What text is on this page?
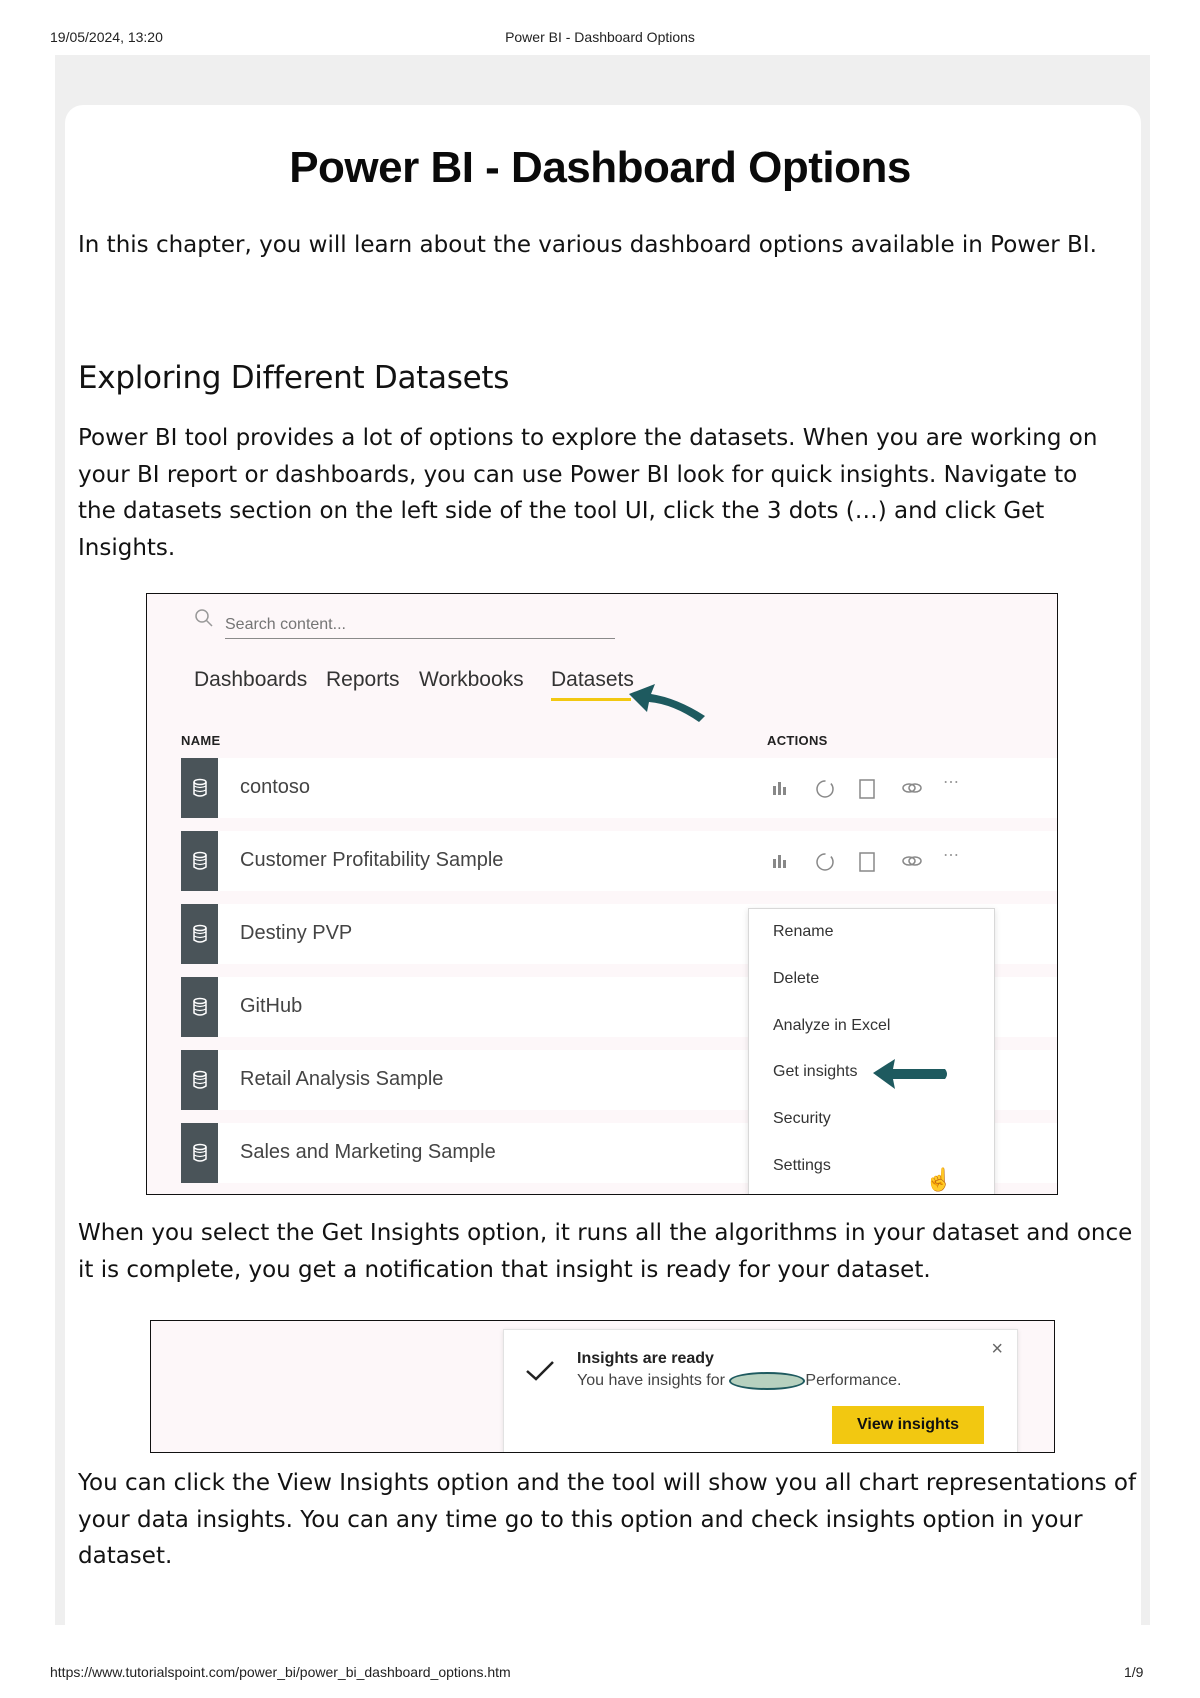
19/05/2024, 13:20	Power BI - Dashboard Options
Power BI - Dashboard Options

In this chapter, you will learn about the various dashboard options available in Power BI.

Exploring Different Datasets

Power BI tool provides a lot of options to explore the datasets. When you are working on your BI report or dashboards, you can use Power BI look for quick insights. Navigate to the datasets section on the left side of the tool UI, click the 3 dots (…) and click Get Insights.

Search content...
Dashboards Reports Workbooks Datasets
NAME	ACTIONS
contoso	⋯
Customer Profitability Sample	⋯
Destiny PVP
GitHub
Retail Analysis Sample
Sales and Marketing Sample
Rename
Delete
Analyze in Excel
Get insights
Security
Settings
☝

When you select the Get Insights option, it runs all the algorithms in your dataset and once it is complete, you get a notification that insight is ready for your dataset.

Insights are ready
You have insights for	Performance.
×
View insights

You can click the View Insights option and the tool will show you all chart representations of your data insights. You can any time go to this option and check insights option in your dataset.

https://www.tutorialspoint.com/power_bi/power_bi_dashboard_options.htm	1/9
